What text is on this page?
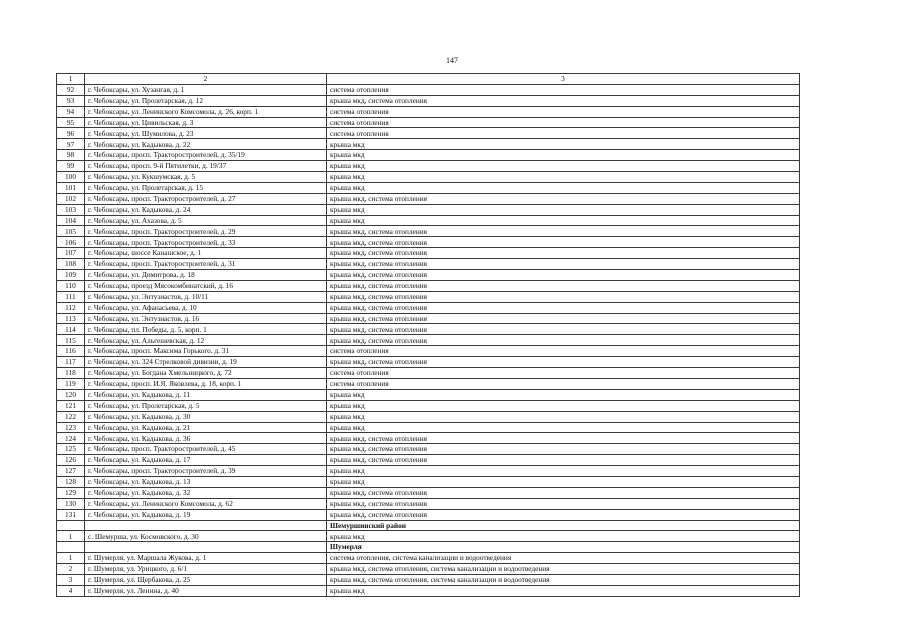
147
1	2	3
92	г. Чебоксары, ул. Хузангая, д. 1	система отопления
93	г. Чебоксары, ул. Пролетарская, д. 12	крыша мкд, система отопления
94	г. Чебоксары, ул. Ленинского Комсомола, д. 26, корп. 1	система отопления
95	г. Чебоксары, ул. Цивильская, д. 3	система отопления
96	г. Чебоксары, ул. Шумилова, д. 23	система отопления
97	г. Чебоксары, ул. Кадыкова, д. 22	крыша мкд
98	г. Чебоксары, просп. Тракторостроителей, д. 35/19	крыша мкд
99	г. Чебоксары, просп. 9-й Пятилетки, д. 19/37	крыша мкд
100	г. Чебоксары, ул. Кукшумская, д. 5	крыша мкд
101	г. Чебоксары, ул. Пролетарская, д. 15	крыша мкд
102	г. Чебоксары, просп. Тракторостроителей, д. 27	крыша мкд, система отопления
103	г. Чебоксары, ул. Кадыкова, д. 24	крыша мкд
104	г. Чебоксары, ул. Ахазова, д. 5	крыша мкд
105	г. Чебоксары, просп. Тракторостроителей, д. 29	крыша мкд, система отопления
106	г. Чебоксары, просп. Тракторостроителей, д. 33	крыша мкд, система отопления
107	г. Чебоксары, шоссе Канашское, д. 1	крыша мкд, система отопления
108	г. Чебоксары, просп. Тракторостроителей, д. 31	крыша мкд, система отопления
109	г. Чебоксары, ул. Димитрова, д. 18	крыша мкд, система отопления
110	г. Чебоксары, проезд Мясокомбинатский, д. 16	крыша мкд, система отопления
111	г. Чебоксары, ул. Энтузиастов, д. 10/11	крыша мкд, система отопления
112	г. Чебоксары, ул. Афанасьева, д. 10	крыша мкд, система отопления
113	г. Чебоксары, ул. Энтузиастов, д. 16	крыша мкд, система отопления
114	г. Чебоксары, пл. Победы, д. 5, корп. 1	крыша мкд, система отопления
115	г. Чебоксары, ул. Альгешевская, д. 12	крыша мкд, система отопления
116	г. Чебоксары, просп. Максима Горького, д. 31	система отопления
117	г. Чебоксары, ул. 324 Стрелковой дивизии, д. 19	крыша мкд, система отопления
118	г. Чебоксары, ул. Богдана Хмельницкого, д. 72	система отопления
119	г. Чебоксары, просп. И.Я. Яковлева, д. 18, корп. 1	система отопления
120	г. Чебоксары, ул. Кадыкова, д. 11	крыша мкд
121	г. Чебоксары, ул. Пролетарская, д. 5	крыша мкд
122	г. Чебоксары, ул. Кадыкова, д. 30	крыша мкд
123	г. Чебоксары, ул. Кадыкова, д. 21	крыша мкд
124	г. Чебоксары, ул. Кадыкова, д. 36	крыша мкд, система отопления
125	г. Чебоксары, просп. Тракторостроителей, д. 45	крыша мкд, система отопления
126	г. Чебоксары, ул. Кадыкова, д. 17	крыша мкд, система отопления
127	г. Чебоксары, просп. Тракторостроителей, д. 39	крыша мкд
128	г. Чебоксары, ул. Кадыкова, д. 13	крыша мкд
129	г. Чебоксары, ул. Кадыкова, д. 32	крыша мкд, система отопления
130	г. Чебоксары, ул. Ленинского Комсомола, д. 62	крыша мкд, система отопления
131	г. Чебоксары, ул. Кадыкова, д. 19	крыша мкд, система отопления
		Шемуршинский район
1	с. Шемурша, ул. Космовского, д. 30	крыша мкд
		Шумерля
1	г. Шумерля, ул. Маршала Жукова, д. 1	система отопления, система канализации и водоотведения
2	г. Шумерля, ул. Урицкого, д. 6/1	крыша мкд, система отопления, система канализации и водоотведения
3	г. Шумерля, ул. Щербакова, д. 25	крыша мкд, система отопления, система канализации и водоотведения
4	г. Шумерля, ул. Ленина, д. 40	крыша мкд
